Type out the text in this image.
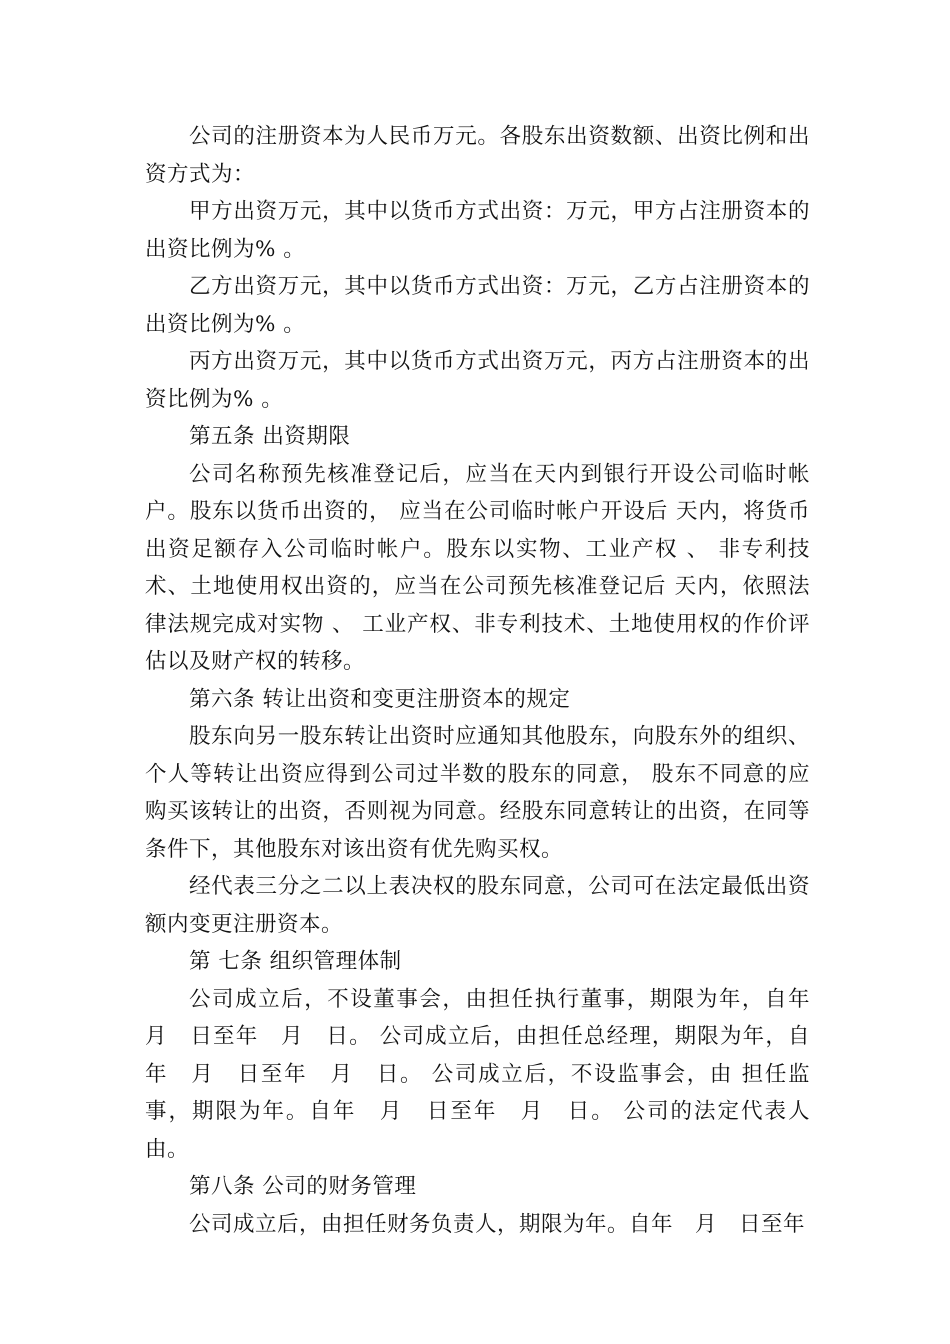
公司的注册资本为人民币万元。各股东出资数额、出资比例和出资方式为：

甲方出资万元，其中以货币方式出资：万元，甲方占注册资本的出资比例为% 。

乙方出资万元，其中以货币方式出资：万元，乙方占注册资本的出资比例为% 。

丙方出资万元，其中以货币方式出资万元，丙方占注册资本的出资比例为% 。

第五条 出资期限

公司名称预先核准登记后，应当在天内到银行开设公司临时帐户。股东以货币出资的， 应当在公司临时帐户开设后 天内，将货币出资足额存入公司临时帐户。股东以实物、工业产权 、 非专利技术、土地使用权出资的，应当在公司预先核准登记后 天内，依照法律法规完成对实物 、 工业产权、非专利技术、土地使用权的作价评估以及财产权的转移。

第六条 转让出资和变更注册资本的规定

股东向另一股东转让出资时应通知其他股东，向股东外的组织、个人等转让出资应得到公司过半数的股东的同意， 股东不同意的应购买该转让的出资，否则视为同意。经股东同意转让的出资，在同等条件下，其他股东对该出资有优先购买权。

经代表三分之二以上表决权的股东同意，公司可在法定最低出资额内变更注册资本。

第 七条 组织管理体制

公司成立后，不设董事会，由担任执行董事，期限为年，自年　月　日至年　月　日。 公司成立后，由担任总经理，期限为年，自年　月　日至年　月　日。 公司成立后，不设监事会，由 担任监事，期限为年。自年　月　日至年　月　日。 公司的法定代表人由。

第八条 公司的财务管理

公司成立后，由担任财务负责人，期限为年。自年　月　日至年
